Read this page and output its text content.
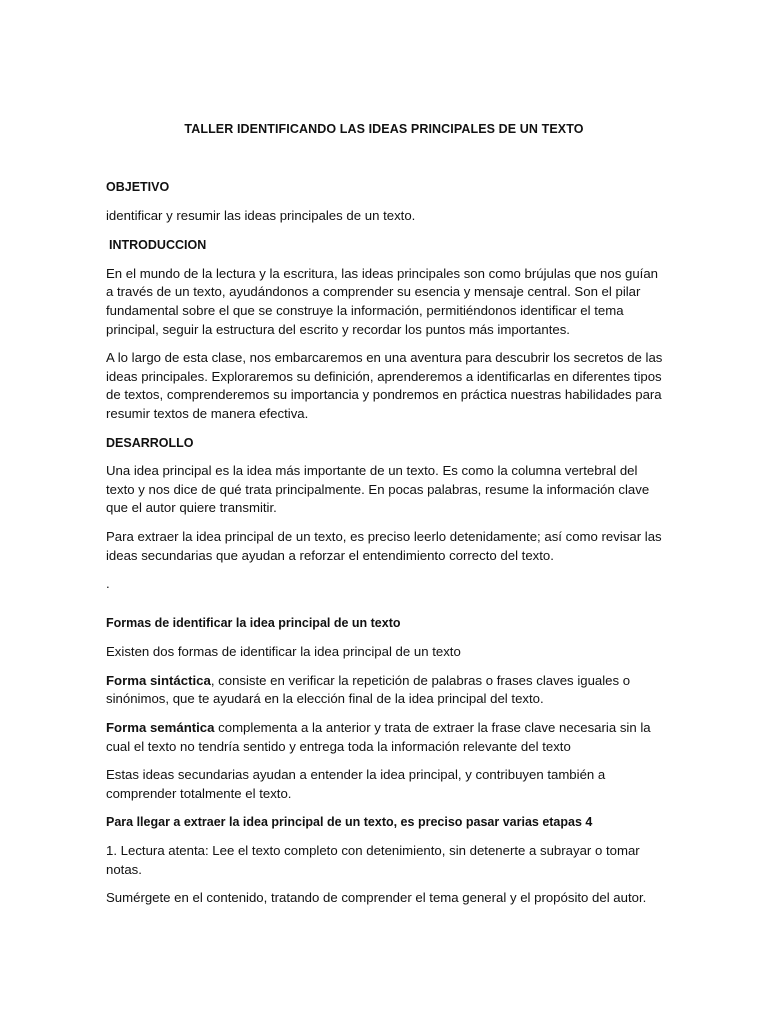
TALLER IDENTIFICANDO LAS IDEAS PRINCIPALES DE UN TEXTO

OBJETIVO

identificar y resumir las ideas principales de un texto.

INTRODUCCION

En el mundo de la lectura y la escritura, las ideas principales son como brújulas que nos guían a través de un texto, ayudándonos a comprender su esencia y mensaje central. Son el pilar fundamental sobre el que se construye la información, permitiéndonos identificar el tema principal, seguir la estructura del escrito y recordar los puntos más importantes.

A lo largo de esta clase, nos embarcaremos en una aventura para descubrir los secretos de las ideas principales. Exploraremos su definición, aprenderemos a identificarlas en diferentes tipos de textos, comprenderemos su importancia y pondremos en práctica nuestras habilidades para resumir textos de manera efectiva.

DESARROLLO

Una idea principal es la idea más importante de un texto. Es como la columna vertebral del texto y nos dice de qué trata principalmente. En pocas palabras, resume la información clave que el autor quiere transmitir.

Para extraer la idea principal de un texto, es preciso leerlo detenidamente; así como revisar las ideas secundarias que ayudan a reforzar el entendimiento correcto del texto.

.

Formas de identificar la idea principal de un texto

Existen dos formas de identificar la idea principal de un texto

Forma sintáctica, consiste en verificar la repetición de palabras o frases claves iguales o sinónimos, que te ayudará en la elección final de la idea principal del texto.

Forma semántica complementa a la anterior y trata de extraer la frase clave necesaria sin la cual el texto no tendría sentido y entrega toda la información relevante del texto

Estas ideas secundarias ayudan a entender la idea principal, y contribuyen también a comprender totalmente el texto.

Para llegar a extraer la idea principal de un texto, es preciso pasar varias etapas 4

1. Lectura atenta: Lee el texto completo con detenimiento, sin detenerte a subrayar o tomar notas.

Sumérgete en el contenido, tratando de comprender el tema general y el propósito del autor.
